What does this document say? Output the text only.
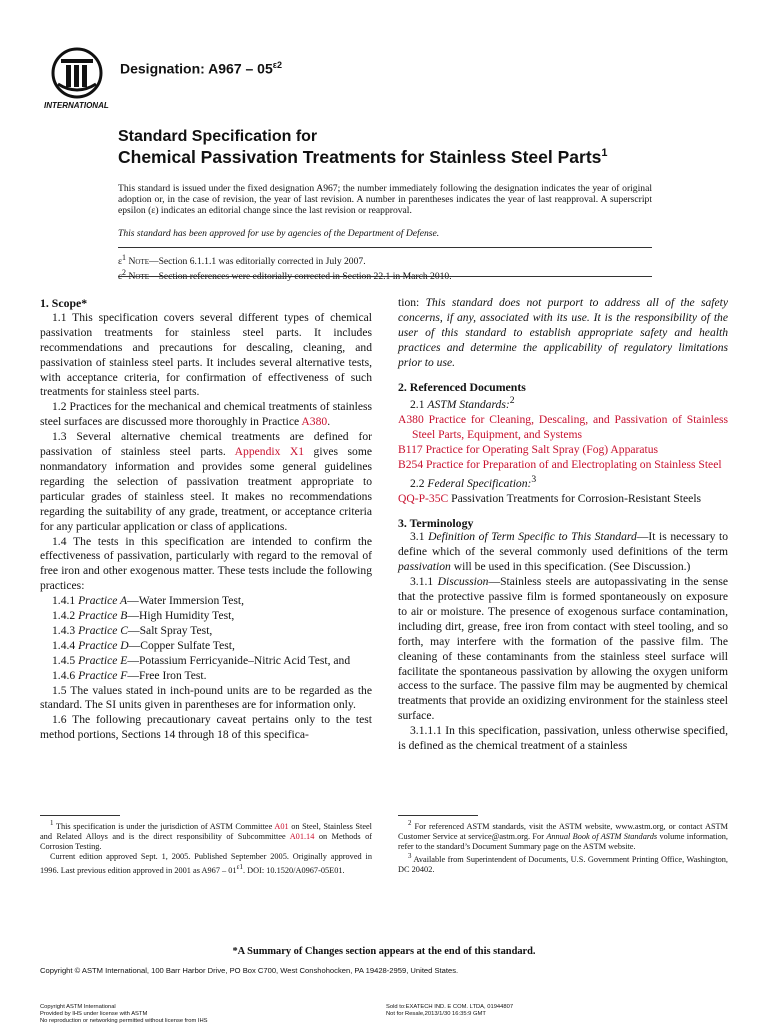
INTERNATIONAL
Designation: $A967 - 05^{\varepsilon 2}$
Standard Specification for
Chemical Passivation Treatments for Stainless Steel Parts$^1$
This standard is issued under the fixed designation A967; the number immediately following the designation indicates the year of original adoption or, in the case of revision, the year of last revision. A number in parentheses indicates the year of last reapproval. A superscript epsilon (ε) indicates an editorial change since the last revision or reapproval.
This standard has been approved for use by agencies of the Department of Defense.
$\varepsilon^1$ Note—Section 6.1.1.1 was editorially corrected in July 2007.
$\varepsilon^2$ Note—Section references were editorially corrected in Section 22.1 in March 2010.
1. Scope*

1.1 This specification covers several different types of chemical passivation treatments for stainless steel parts. It includes recommendations and precautions for descaling, cleaning, and passivation of stainless steel parts. It includes several alternative tests, with acceptance criteria, for confirmation of effectiveness of such treatments for stainless steel parts.

1.2 Practices for the mechanical and chemical treatments of stainless steel surfaces are discussed more thoroughly in Practice A380.

1.3 Several alternative chemical treatments are defined for passivation of stainless steel parts. Appendix X1 gives some nonmandatory information and provides some general guidelines regarding the selection of passivation treatment appropriate to particular grades of stainless steel. It makes no recommendations regarding the suitability of any grade, treatment, or acceptance criteria for any particular application or class of applications.

1.4 The tests in this specification are intended to confirm the effectiveness of passivation, particularly with regard to the removal of free iron and other exogenous matter. These tests include the following practices:

1.4.1 Practice A—Water Immersion Test,

1.4.2 Practice B—High Humidity Test,

1.4.3 Practice C—Salt Spray Test,

1.4.4 Practice D—Copper Sulfate Test,

1.4.5 Practice E—Potassium Ferricyanide–Nitric Acid Test, and

1.4.6 Practice F—Free Iron Test.

1.5 The values stated in inch-pound units are to be regarded as the standard. The SI units given in parentheses are for information only.

1.6 The following precautionary caveat pertains only to the test method portions, Sections 14 through 18 of this specifica-

tion: This standard does not purport to address all of the safety concerns, if any, associated with its use. It is the responsibility of the user of this standard to establish appropriate safety and health practices and determine the applicability of regulatory limitations prior to use.

2. Referenced Documents

2.1 ASTM Standards:$^2$

A380 Practice for Cleaning, Descaling, and Passivation of Stainless Steel Parts, Equipment, and Systems

B117 Practice for Operating Salt Spray (Fog) Apparatus

B254 Practice for Preparation of and Electroplating on Stainless Steel

2.2 Federal Specification:$^3$

QQ-P-35C Passivation Treatments for Corrosion-Resistant Steels

3. Terminology

3.1 Definition of Term Specific to This Standard—It is necessary to define which of the several commonly used definitions of the term passivation will be used in this specification. (See Discussion.)

3.1.1 Discussion—Stainless steels are autopassivating in the sense that the protective passive film is formed spontaneously on exposure to air or moisture. The presence of exogenous surface contamination, including dirt, grease, free iron from contact with steel tooling, and so forth, may interfere with the formation of the passive film. The cleaning of these contaminants from the stainless steel surface will facilitate the spontaneous passivation by allowing the oxygen uniform access to the surface. The passive film may be augmented by chemical treatments that provide an oxidizing environment for the stainless steel surface.

3.1.1.1 In this specification, passivation, unless otherwise specified, is defined as the chemical treatment of a stainless

$^1$ This specification is under the jurisdiction of ASTM Committee A01 on Steel, Stainless Steel and Related Alloys and is the direct responsibility of Subcommittee A01.14 on Methods of Corrosion Testing.

Current edition approved Sept. 1, 2005. Published September 2005. Originally approved in 1996. Last previous edition approved in 2001 as $A967 - 01^{\varepsilon 1}$. DOI: 10.1520/A0967-05E01.

$^2$ For referenced ASTM standards, visit the ASTM website, www.astm.org, or contact ASTM Customer Service at service@astm.org. For Annual Book of ASTM Standards volume information, refer to the standard’s Document Summary page on the ASTM website.

$^3$ Available from Superintendent of Documents, U.S. Government Printing Office, Washington, DC 20402.

*A Summary of Changes section appears at the end of this standard.
Copyright © ASTM International, 100 Barr Harbor Drive, PO Box C700, West Conshohocken, PA 19428-2959, United States.
Copyright ASTM International
Provided by IHS under license with ASTM
No reproduction or networking permitted without license from IHS
Sold to:EXATECH IND. E COM. LTDA, 01944807
Not for Resale,2013/1/30 16:35:9 GMT
